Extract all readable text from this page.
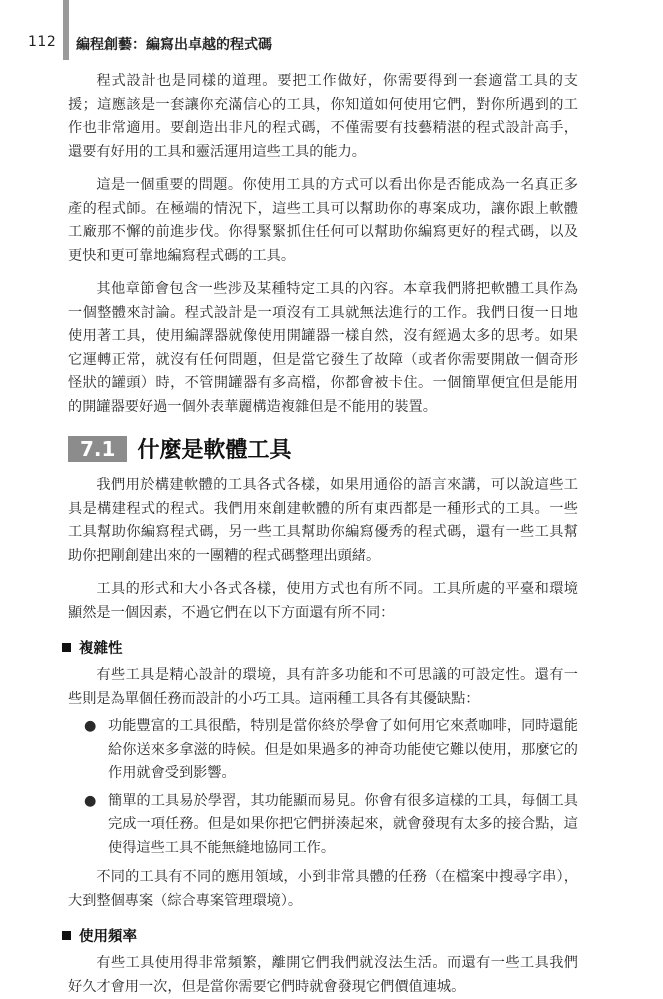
112 編程創藝：編寫出卓越的程式碼

程式設計也是同樣的道理。要把工作做好，你需要得到一套適當工具的支援；這應該是一套讓你充滿信心的工具，你知道如何使用它們，對你所遇到的工作也非常適用。要創造出非凡的程式碼，不僅需要有技藝精湛的程式設計高手，還要有好用的工具和靈活運用這些工具的能力。

這是一個重要的問題。你使用工具的方式可以看出你是否能成為一名真正多產的程式師。在極端的情況下，這些工具可以幫助你的專案成功，讓你跟上軟體工廠那不懈的前進步伐。你得緊緊抓住任何可以幫助你編寫更好的程式碼，以及更快和更可靠地編寫程式碼的工具。

其他章節會包含一些涉及某種特定工具的內容。本章我們將把軟體工具作為一個整體來討論。程式設計是一項沒有工具就無法進行的工作。我們日復一日地使用著工具，使用編譯器就像使用開罐器一樣自然，沒有經過太多的思考。如果它運轉正常，就沒有任何問題，但是當它發生了故障（或者你需要開啟一個奇形怪狀的罐頭）時，不管開罐器有多高檔，你都會被卡住。一個簡單便宜但是能用的開罐器要好過一個外表華麗構造複雜但是不能用的裝置。

7.1	什麼是軟體工具

我們用於構建軟體的工具各式各樣，如果用通俗的語言來講，可以說這些工具是構建程式的程式。我們用來創建軟體的所有東西都是一種形式的工具。一些工具幫助你編寫程式碼，另一些工具幫助你編寫優秀的程式碼，還有一些工具幫助你把剛創建出來的一團糟的程式碼整理出頭緒。

工具的形式和大小各式各樣，使用方式也有所不同。工具所處的平臺和環境顯然是一個因素，不過它們在以下方面還有所不同：

複雜性

有些工具是精心設計的環境，具有許多功能和不可思議的可設定性。還有一些則是為單個任務而設計的小巧工具。這兩種工具各有其優缺點：

● 功能豐富的工具很酷，特別是當你終於學會了如何用它來煮咖啡，同時還能給你送來多拿滋的時候。但是如果過多的神奇功能使它難以使用，那麼它的作用就會受到影響。
● 簡單的工具易於學習，其功能顯而易見。你會有很多這樣的工具，每個工具完成一項任務。但是如果你把它們拼湊起來，就會發現有太多的接合點，這使得這些工具不能無縫地協同工作。

不同的工具有不同的應用領域，小到非常具體的任務（在檔案中搜尋字串），大到整個專案（綜合專案管理環境）。

使用頻率

有些工具使用得非常頻繁，離開它們我們就沒法生活。而還有一些工具我們好久才會用一次，但是當你需要它們時就會發現它們價值連城。
